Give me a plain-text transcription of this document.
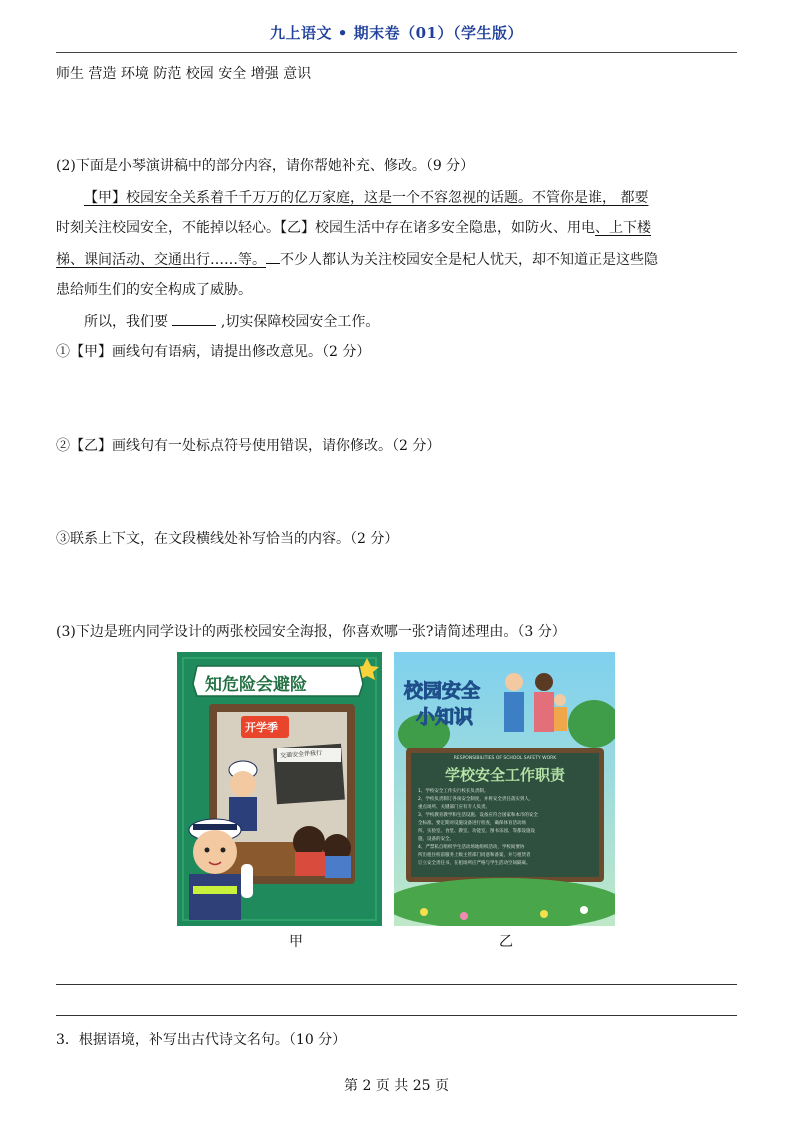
九上语文 • 期末卷（01）（学生版）
师生 营造 环境 防范 校园 安全 增强 意识
(2)下面是小琴演讲稿中的部分内容，请你帮她补充、修改。（9 分）
【甲】校园安全关系着千千万万的亿万家庭，这是一个不容忽视的话题。不管你是谁， 都要
时刻关注校园安全，不能掉以轻心。【乙】校园生活中存在诸多安全隐患，如防火、用电、上下楼
梯、课间活动、交通出行……等。 不少人都认为关注校园安全是杞人忧天，却不知道正是这些隐
患给师生们的安全构成了威胁。
所以，我们要	,切实保障校园安全工作。
①【甲】画线句有语病，请提出修改意见。（2 分）
②【乙】画线句有一处标点符号使用错误，请你修改。（2 分）
③联系上下文，在文段横线处补写恰当的内容。（2 分）
(3)下边是班内同学设计的两张校园安全海报，你喜欢哪一张?请简述理由。（3 分）
知危险会避险
开学季
交通安全伴我行
校园安全
小知识
RESPONSIBILITIES OF SCHOOL SAFETY WORK
学校安全工作职责
1、学校安全工作实行校长负责制。
2、学校负责制订各项安全制度，并将安全责任落实到人，
重点场所、关键部门应有专人负责。
3、学校教育教学和生活设施、设备应符合国家和本市的安全
全标准。要定期对设施设备进行检查，确保体育活动场
所、实验室、食堂、教室、功能室、图书乐园、等都设施设
施、设备的安全。
4、严禁私自组织学生活动场地组织活动，学校间要协
所出租住校前服务上级主管部门同意和备案，并与租赁者
订立安全责任书，在租场所应严格与学生活动空间隔离。
甲	乙
3．根据语境，补写出古代诗文名句。（10 分）
第 2 页 共 25 页
